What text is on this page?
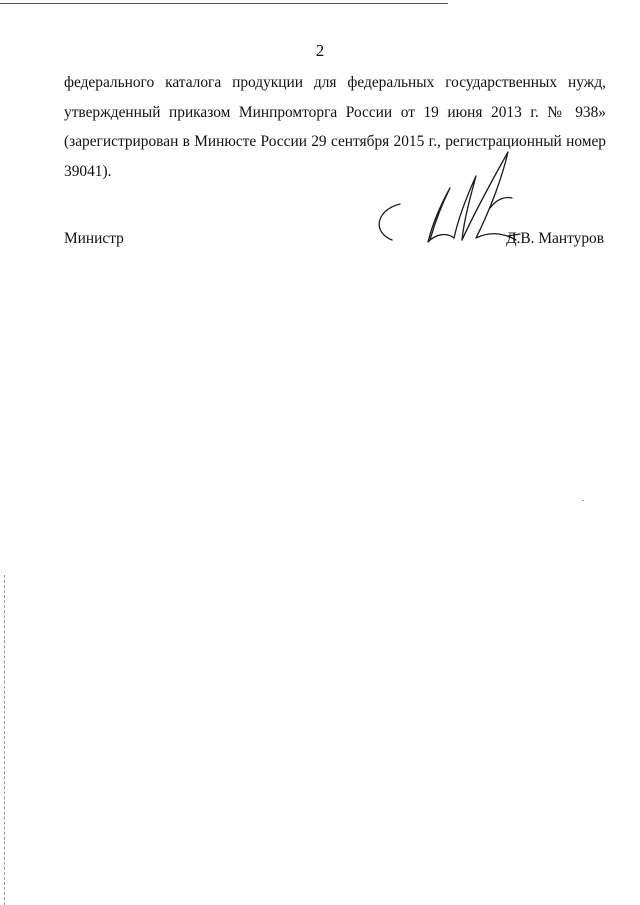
2
федерального каталога продукции для федеральных государственных нужд,
утвержденный приказом Минпромторга России от 19 июня 2013 г. № 938»
(зарегистрирован в Минюсте России 29 сентября 2015 г., регистрационный номер
39041).
Министр	Д.В. Мантуров
